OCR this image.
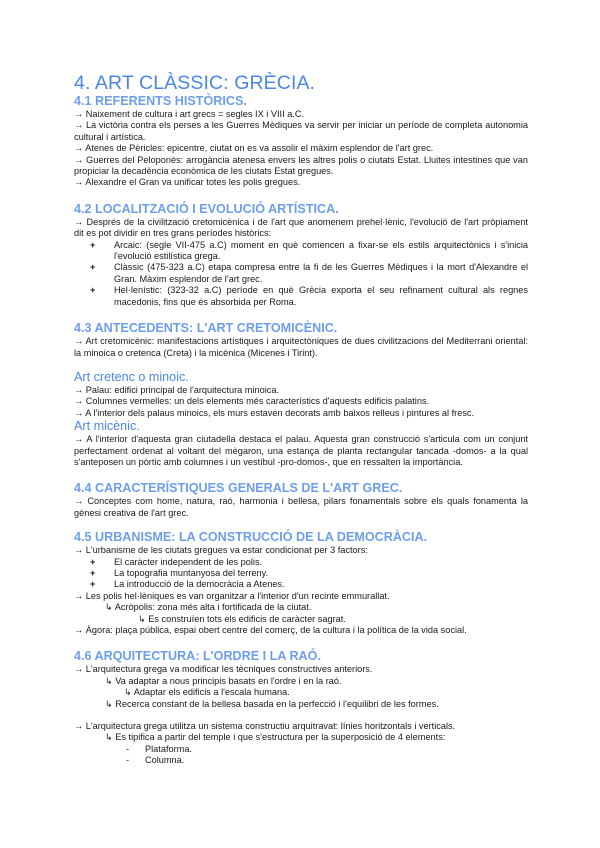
4. ART CLÀSSIC: GRÈCIA.
4.1 REFERENTS HISTÒRICS.

→ Naixement de cultura i art grecs = segles IX i VIII a.C.

→ La victòria contra els perses a les Guerres Mèdiques va servir per iniciar un període de completa autonomia cultural i artística.

→ Atenes de Pèricles: epicentre, ciutat on es va assolir el màxim esplendor de l'art grec.

→ Guerres del Peloponès: arrogància atenesa envers les altres polis o ciutats Estat. Lluites intestines que van propiciar la decadència econòmica de les ciutats Estat gregues.

→ Alexandre el Gran va unificar totes les polis gregues.

4.2 LOCALITZACIÓ I EVOLUCIÓ ARTÍSTICA.

→ Després de la civilització cretomicènica i de l'art que anomenem prehel·lènic, l'evolució de l'art pròpiament dit es pot dividir en tres grans períodes històrics:

+ Arcaic: (segle VII-475 a.C) moment en què comencen a fixar-se els estils arquitectònics i s'inicia l'evolució estilística grega.
+ Clàssic (475-323 a.C) etapa compresa entre la fi de les Guerres Mèdiques i la mort d'Alexandre el Gran. Màxim esplendor de l'art grec.
+ Hel·lenístic: (323-32 a.C) període en què Grècia exporta el seu refinament cultural als regnes macedonis, fins que és absorbida per Roma.
4.3 ANTECEDENTS: L'ART CRETOMICÈNIC.

→ Art cretomicènic: manifestacions artístiques i arquitectòniques de dues civilitzacions del Mediterrani oriental: la minoica o cretenca (Creta) i la micènica (Micenes i Tirint).

Art cretenc o minoic.

→ Palau: edifici principal de l'arquitectura minoica.

→ Columnes vermelles: un dels elements més característics d'aquests edificis palatins.

→ A l'interior dels palaus minoics, els murs estaven decorats amb baixos relleus i pintures al fresc.

Art micènic.

→ A l'interior d'aquesta gran ciutadella destaca el palau. Aquesta gran construcció s'articula com un conjunt perfectament ordenat al voltant del mègaron, una estança de planta rectangular tancada -domos- a la qual s'anteposen un pòrtic amb columnes i un vestíbul -pro-domos-, que en ressalten la importància.

4.4 CARACTERÍSTIQUES GENERALS DE L'ART GREC.

→ Conceptes com home, natura, raó, harmonia i bellesa, pilars fonamentals sobre els quals fonamenta la gènesi creativa de l'art grec.

4.5 URBANISME: LA CONSTRUCCIÓ DE LA DEMOCRÀCIA.

→ L'urbanisme de les ciutats gregues va estar condicionat per 3 factors:

+ El caràcter independent de les polis.
+ La topografia muntanyosa del terreny.
+ La introducció de la democràcia a Atenes.

→ Les polis hel·lèniques es van organitzar a l'interior d'un recinte emmurallat.

↳ Acròpolis: zona més alta i fortificada de la ciutat.
↳ Es construïen tots els edificis de caràcter sagrat.

→ Àgora: plaça pública, espai obert centre del comerç, de la cultura i la política de la vida social.

4.6 ARQUITECTURA: L'ORDRE I LA RAÓ.

→ L'arquitectura grega va modificar les tècniques constructives anteriors.

↳ Va adaptar a nous principis basats en l'ordre i en la raó.
↳ Adaptar els edificis a l'escala humana.
↳ Recerca constant de la bellesa basada en la perfecció i l'equilibri de les formes.

→ L'arquitectura grega utilitza un sistema constructiu arquitravat: línies horitzontals i verticals.

↳ Es tipifica a partir del temple i que s'estructura per la superposició de 4 elements:
- Plataforma.
- Columna.
